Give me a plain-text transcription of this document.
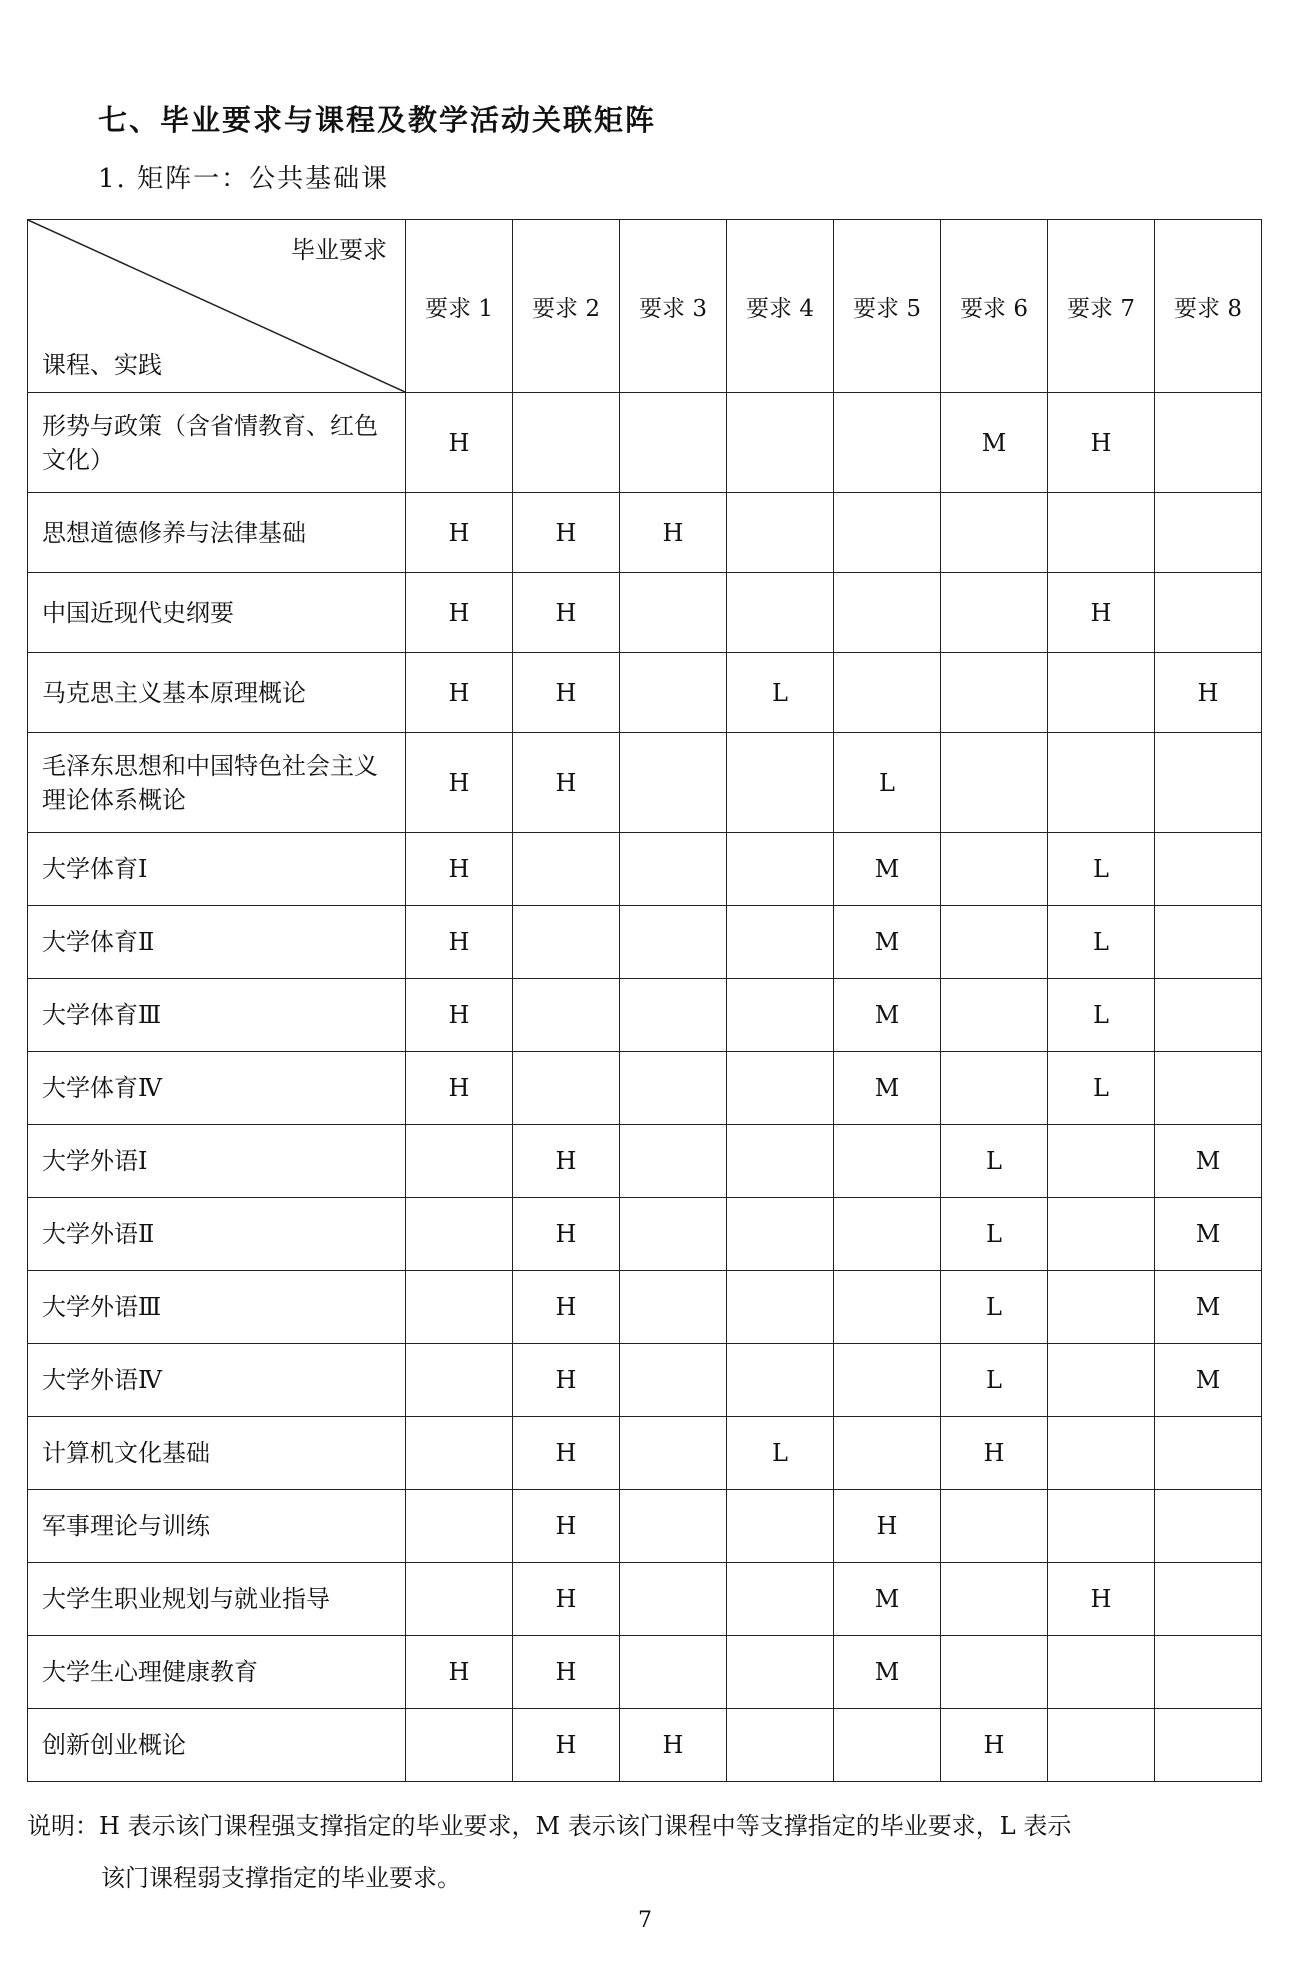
七、毕业要求与课程及教学活动关联矩阵

1. 矩阵一：公共基础课

毕业要求
课程、实践	要求 1	要求 2	要求 3	要求 4	要求 5	要求 6	要求 7	要求 8
形势与政策（含省情教育、红色文化）	H					M	H	
思想道德修养与法律基础	H	H	H					
中国近现代史纲要	H	H					H	
马克思主义基本原理概论	H	H		L				H
毛泽东思想和中国特色社会主义理论体系概论	H	H			L			
大学体育Ⅰ	H				M		L	
大学体育Ⅱ	H				M		L	
大学体育Ⅲ	H				M		L	
大学体育Ⅳ	H				M		L	
大学外语Ⅰ		H				L		M
大学外语Ⅱ		H				L		M
大学外语Ⅲ		H				L		M
大学外语Ⅳ		H				L		M
计算机文化基础		H		L		H		
军事理论与训练		H			H			
大学生职业规划与就业指导		H			M		H	
大学生心理健康教育	H	H			M			
创新创业概论		H	H			H		

说明：H 表示该门课程强支撑指定的毕业要求，M 表示该门课程中等支撑指定的毕业要求，L 表示
该门课程弱支撑指定的毕业要求。

7
